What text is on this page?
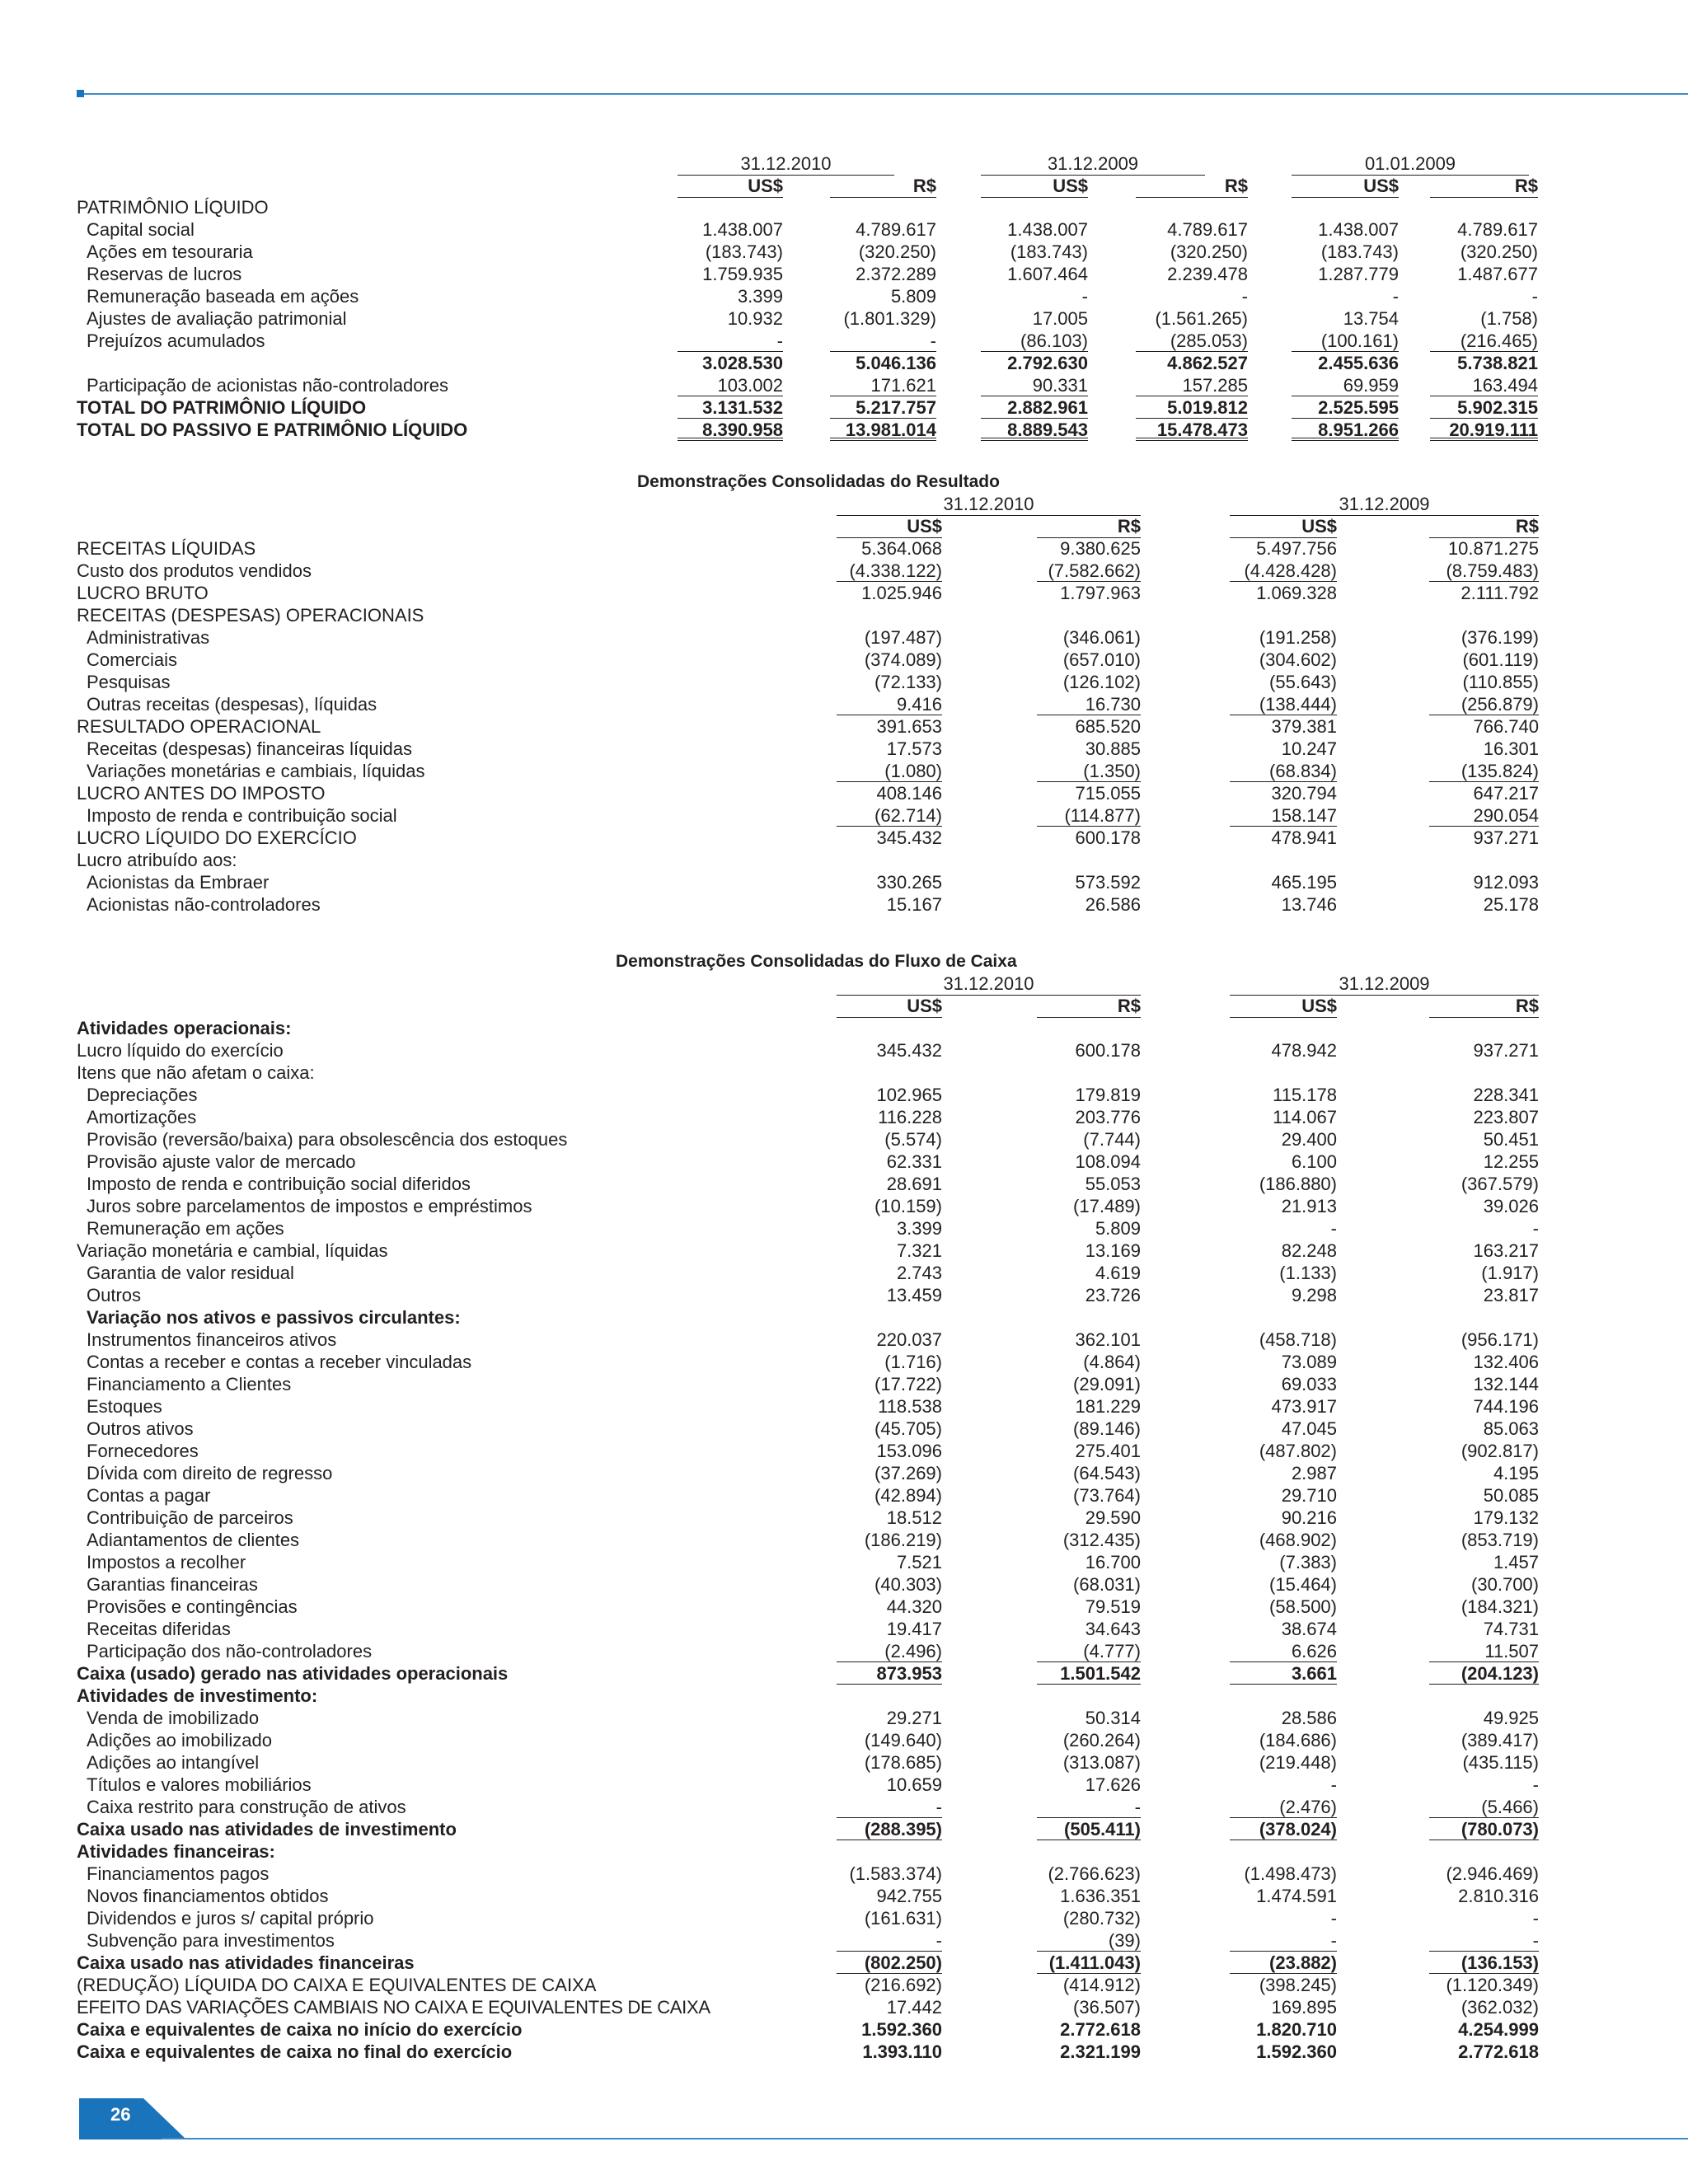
31.12.2010	31.12.2009	01.01.2009
US$	R$	US$	R$	US$	R$
PATRIMÔNIO LÍQUIDO
Capital social	1.438.007	4.789.617	1.438.007	4.789.617	1.438.007	4.789.617
Ações em tesouraria	(183.743)	(320.250)	(183.743)	(320.250)	(183.743)	(320.250)
Reservas de lucros	1.759.935	2.372.289	1.607.464	2.239.478	1.287.779	1.487.677
Remuneração baseada em ações	3.399	5.809	-	-	-	-
Ajustes de avaliação patrimonial	10.932	(1.801.329)	17.005	(1.561.265)	13.754	(1.758)
Prejuízos acumulados	-	-	(86.103)	(285.053)	(100.161)	(216.465)
3.028.530	5.046.136	2.792.630	4.862.527	2.455.636	5.738.821
Participação de acionistas não-controladores	103.002	171.621	90.331	157.285	69.959	163.494
TOTAL DO PATRIMÔNIO LÍQUIDO	3.131.532	5.217.757	2.882.961	5.019.812	2.525.595	5.902.315
TOTAL DO PASSIVO E PATRIMÔNIO LÍQUIDO	8.390.958	13.981.014	8.889.543	15.478.473	8.951.266	20.919.111
Demonstrações Consolidadas do Resultado
31.12.2010	31.12.2009
US$	R$	US$	R$
RECEITAS LÍQUIDAS	5.364.068	9.380.625	5.497.756	10.871.275
Custo dos produtos vendidos	(4.338.122)	(7.582.662)	(4.428.428)	(8.759.483)
LUCRO BRUTO	1.025.946	1.797.963	1.069.328	2.111.792
RECEITAS (DESPESAS) OPERACIONAIS
Administrativas	(197.487)	(346.061)	(191.258)	(376.199)
Comerciais	(374.089)	(657.010)	(304.602)	(601.119)
Pesquisas	(72.133)	(126.102)	(55.643)	(110.855)
Outras receitas (despesas), líquidas	9.416	16.730	(138.444)	(256.879)
RESULTADO OPERACIONAL	391.653	685.520	379.381	766.740
Receitas (despesas) financeiras líquidas	17.573	30.885	10.247	16.301
Variações monetárias e cambiais, líquidas	(1.080)	(1.350)	(68.834)	(135.824)
LUCRO ANTES DO IMPOSTO	408.146	715.055	320.794	647.217
Imposto de renda e contribuição social	(62.714)	(114.877)	158.147	290.054
LUCRO LÍQUIDO DO EXERCÍCIO	345.432	600.178	478.941	937.271
Lucro atribuído aos:
Acionistas da Embraer	330.265	573.592	465.195	912.093
Acionistas não-controladores	15.167	26.586	13.746	25.178
Demonstrações Consolidadas do Fluxo de Caixa
31.12.2010	31.12.2009
US$	R$	US$	R$
Atividades operacionais:
Lucro líquido do exercício	345.432	600.178	478.942	937.271
Itens que não afetam o caixa:
Depreciações	102.965	179.819	115.178	228.341
Amortizações	116.228	203.776	114.067	223.807
Provisão (reversão/baixa) para obsolescência dos estoques	(5.574)	(7.744)	29.400	50.451
Provisão ajuste valor de mercado	62.331	108.094	6.100	12.255
Imposto de renda e contribuição social diferidos	28.691	55.053	(186.880)	(367.579)
Juros sobre parcelamentos de impostos e empréstimos	(10.159)	(17.489)	21.913	39.026
Remuneração em ações	3.399	5.809	-	-
Variação monetária e cambial, líquidas	7.321	13.169	82.248	163.217
Garantia de valor residual	2.743	4.619	(1.133)	(1.917)
Outros	13.459	23.726	9.298	23.817
Variação nos ativos e passivos circulantes:
Instrumentos financeiros ativos	220.037	362.101	(458.718)	(956.171)
Contas a receber e contas a receber vinculadas	(1.716)	(4.864)	73.089	132.406
Financiamento a Clientes	(17.722)	(29.091)	69.033	132.144
Estoques	118.538	181.229	473.917	744.196
Outros ativos	(45.705)	(89.146)	47.045	85.063
Fornecedores	153.096	275.401	(487.802)	(902.817)
Dívida com direito de regresso	(37.269)	(64.543)	2.987	4.195
Contas a pagar	(42.894)	(73.764)	29.710	50.085
Contribuição de parceiros	18.512	29.590	90.216	179.132
Adiantamentos de clientes	(186.219)	(312.435)	(468.902)	(853.719)
Impostos a recolher	7.521	16.700	(7.383)	1.457
Garantias financeiras	(40.303)	(68.031)	(15.464)	(30.700)
Provisões e contingências	44.320	79.519	(58.500)	(184.321)
Receitas diferidas	19.417	34.643	38.674	74.731
Participação dos não-controladores	(2.496)	(4.777)	6.626	11.507
Caixa (usado) gerado nas atividades operacionais	873.953	1.501.542	3.661	(204.123)
Atividades de investimento:
Venda de imobilizado	29.271	50.314	28.586	49.925
Adições ao imobilizado	(149.640)	(260.264)	(184.686)	(389.417)
Adições ao intangível	(178.685)	(313.087)	(219.448)	(435.115)
Títulos e valores mobiliários	10.659	17.626	-	-
Caixa restrito para construção de ativos	-	-	(2.476)	(5.466)
Caixa usado nas atividades de investimento	(288.395)	(505.411)	(378.024)	(780.073)
Atividades financeiras:
Financiamentos pagos	(1.583.374)	(2.766.623)	(1.498.473)	(2.946.469)
Novos financiamentos obtidos	942.755	1.636.351	1.474.591	2.810.316
Dividendos e juros s/ capital próprio	(161.631)	(280.732)	-	-
Subvenção para investimentos	-	(39)	-	-
Caixa usado nas atividades financeiras	(802.250)	(1.411.043)	(23.882)	(136.153)
(REDUÇÃO) LÍQUIDA DO CAIXA E EQUIVALENTES DE CAIXA	(216.692)	(414.912)	(398.245)	(1.120.349)
EFEITO DAS VARIAÇÕES CAMBIAIS NO CAIXA E EQUIVALENTES DE CAIXA	17.442	(36.507)	169.895	(362.032)
Caixa e equivalentes de caixa no início do exercício	1.592.360	2.772.618	1.820.710	4.254.999
Caixa e equivalentes de caixa no final do exercício	1.393.110	2.321.199	1.592.360	2.772.618
26
